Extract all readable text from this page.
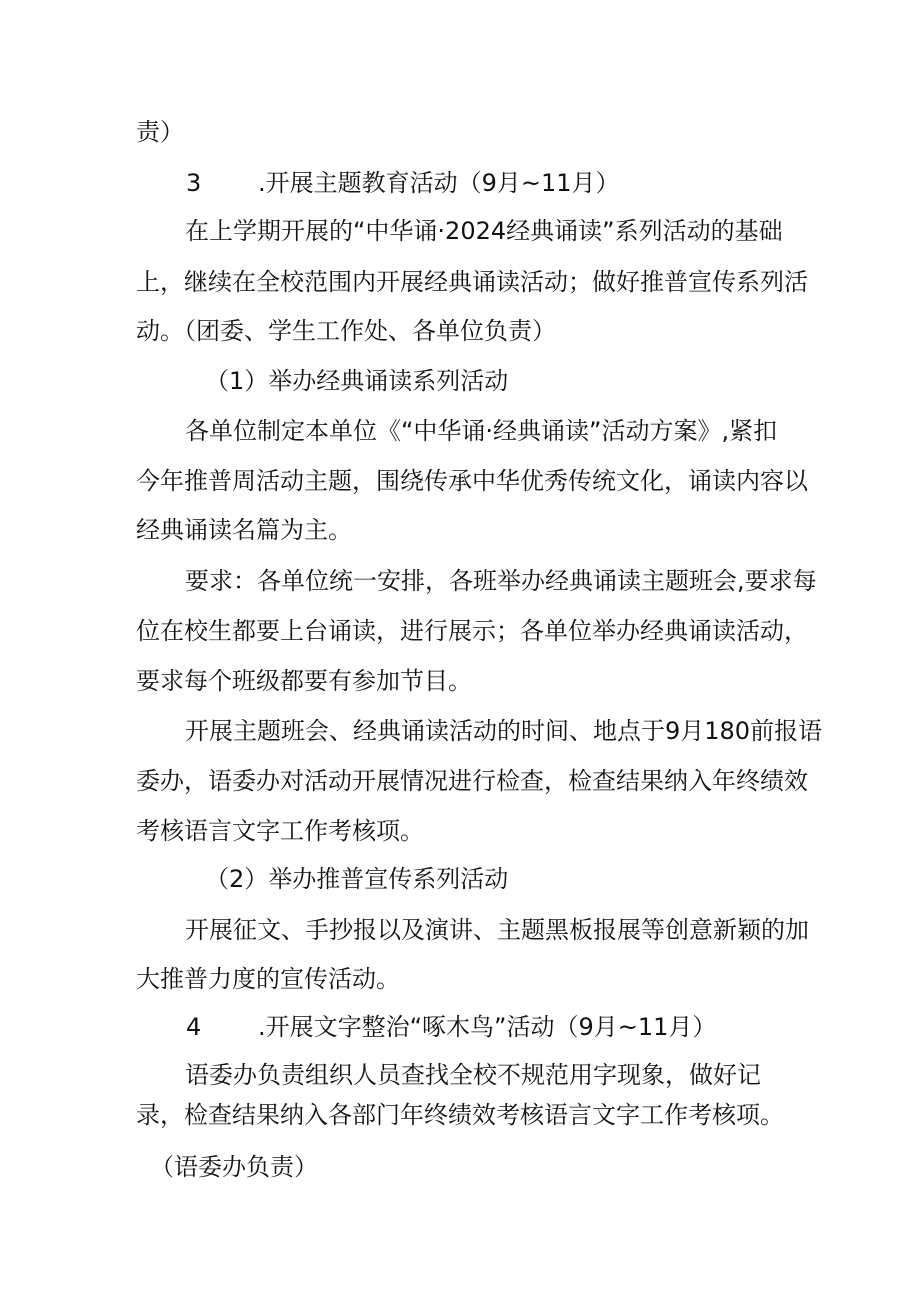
责）
3 .开展主题教育活动（9月~11月）
在上学期开展的“中华诵·2024经典诵读”系列活动的基础
上，继续在全校范围内开展经典诵读活动；做好推普宣传系列活
动。（团委、学生工作处、各单位负责）
（1）举办经典诵读系列活动
各单位制定本单位《“中华诵·经典诵读”活动方案》,紧扣
今年推普周活动主题，围绕传承中华优秀传统文化，诵读内容以
经典诵读名篇为主。
要求：各单位统一安排，各班举办经典诵读主题班会,要求每
位在校生都要上台诵读，进行展示；各单位举办经典诵读活动，
要求每个班级都要有参加节目。
开展主题班会、经典诵读活动的时间、地点于9月180前报语
委办，语委办对活动开展情况进行检查，检查结果纳入年终绩效
考核语言文字工作考核项。
（2）举办推普宣传系列活动
开展征文、手抄报以及演讲、主题黑板报展等创意新颖的加
大推普力度的宣传活动。
4 .开展文字整治“啄木鸟”活动（9月~11月）
语委办负责组织人员查找全校不规范用字现象，做好记
录，检查结果纳入各部门年终绩效考核语言文字工作考核项。
（语委办负责）
